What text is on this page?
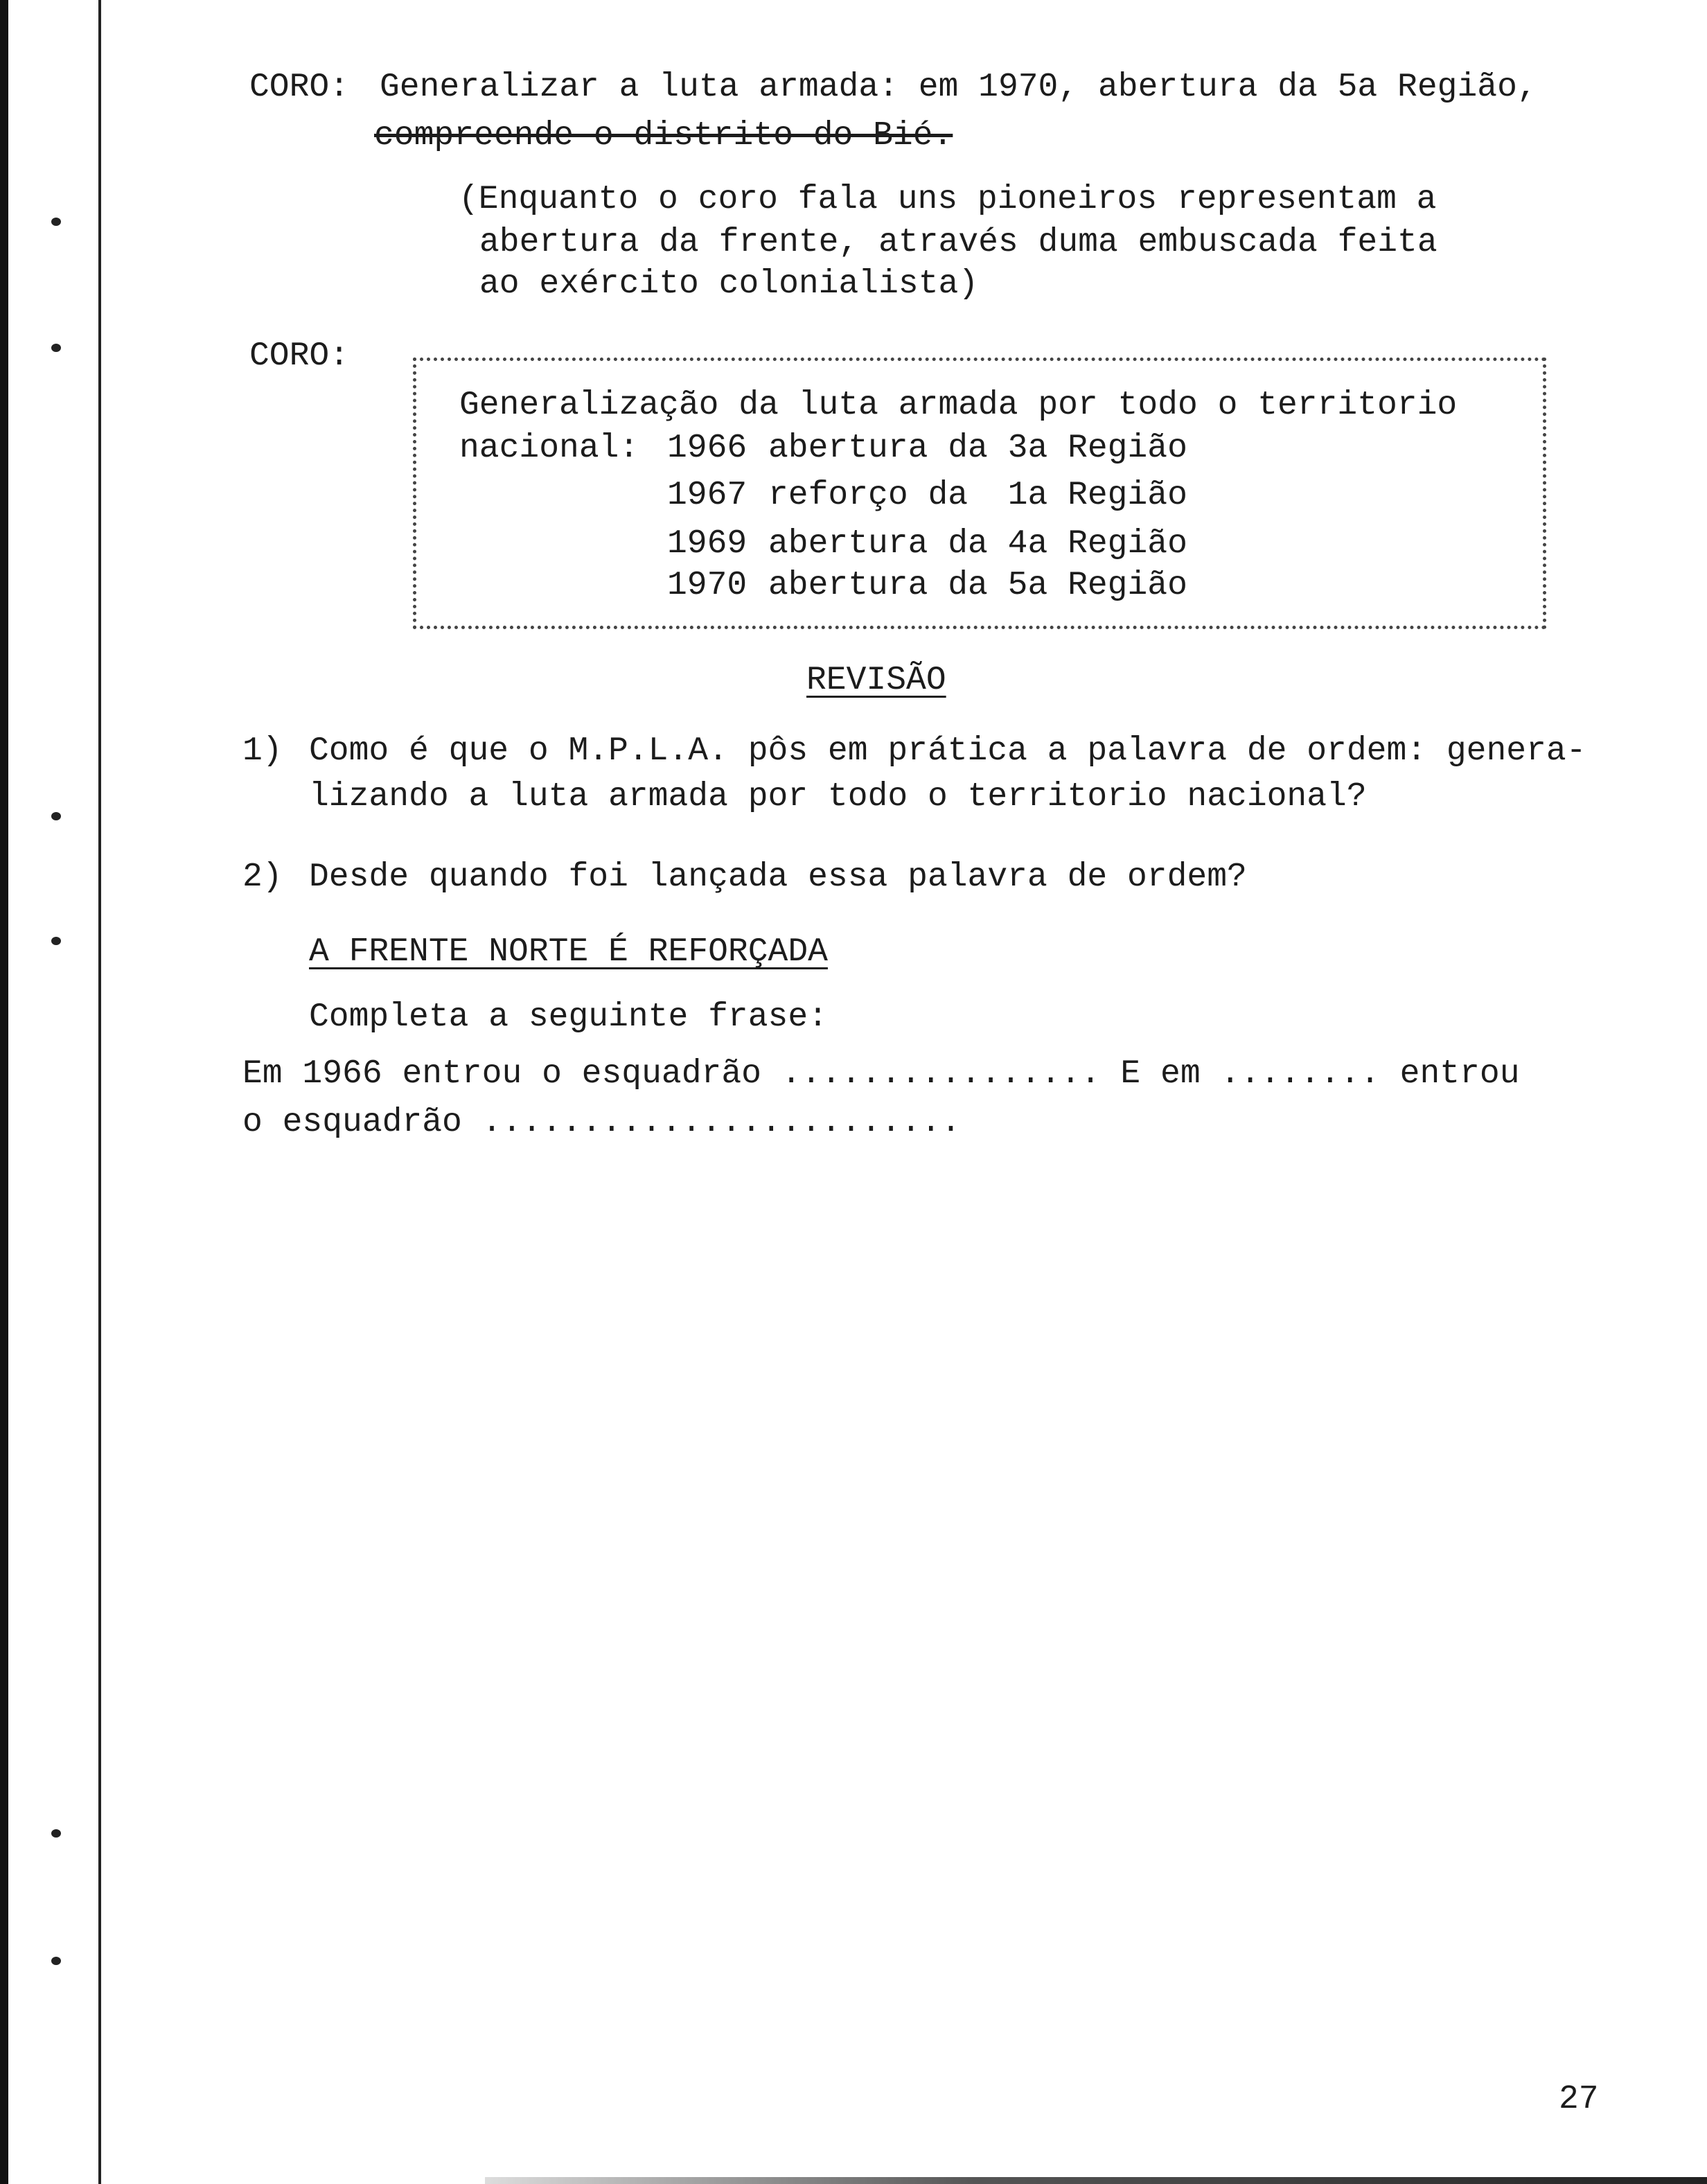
CORO: Generalizar a luta armada: em 1970, abertura da 5a Região,
compreende o distrito do Bié.
(Enquanto o coro fala uns pioneiros representam a
abertura da frente, através duma embuscada feita
ao exército colonialista)
CORO:
Generalização da luta armada por todo o territorio
nacional: 1966 abertura da 3a Região
1967 reforço da  1a Região
1969 abertura da 4a Região
1970 abertura da 5a Região
REVISÃO
1) Como é que o M.P.L.A. pôs em prática a palavra de ordem: genera-
lizando a luta armada por todo o territorio nacional?
2) Desde quando foi lançada essa palavra de ordem?
A FRENTE NORTE É REFORÇADA
Completa a seguinte frase:
Em 1966 entrou o esquadrão ................ E em ........ entrou
o esquadrão ........................
27
